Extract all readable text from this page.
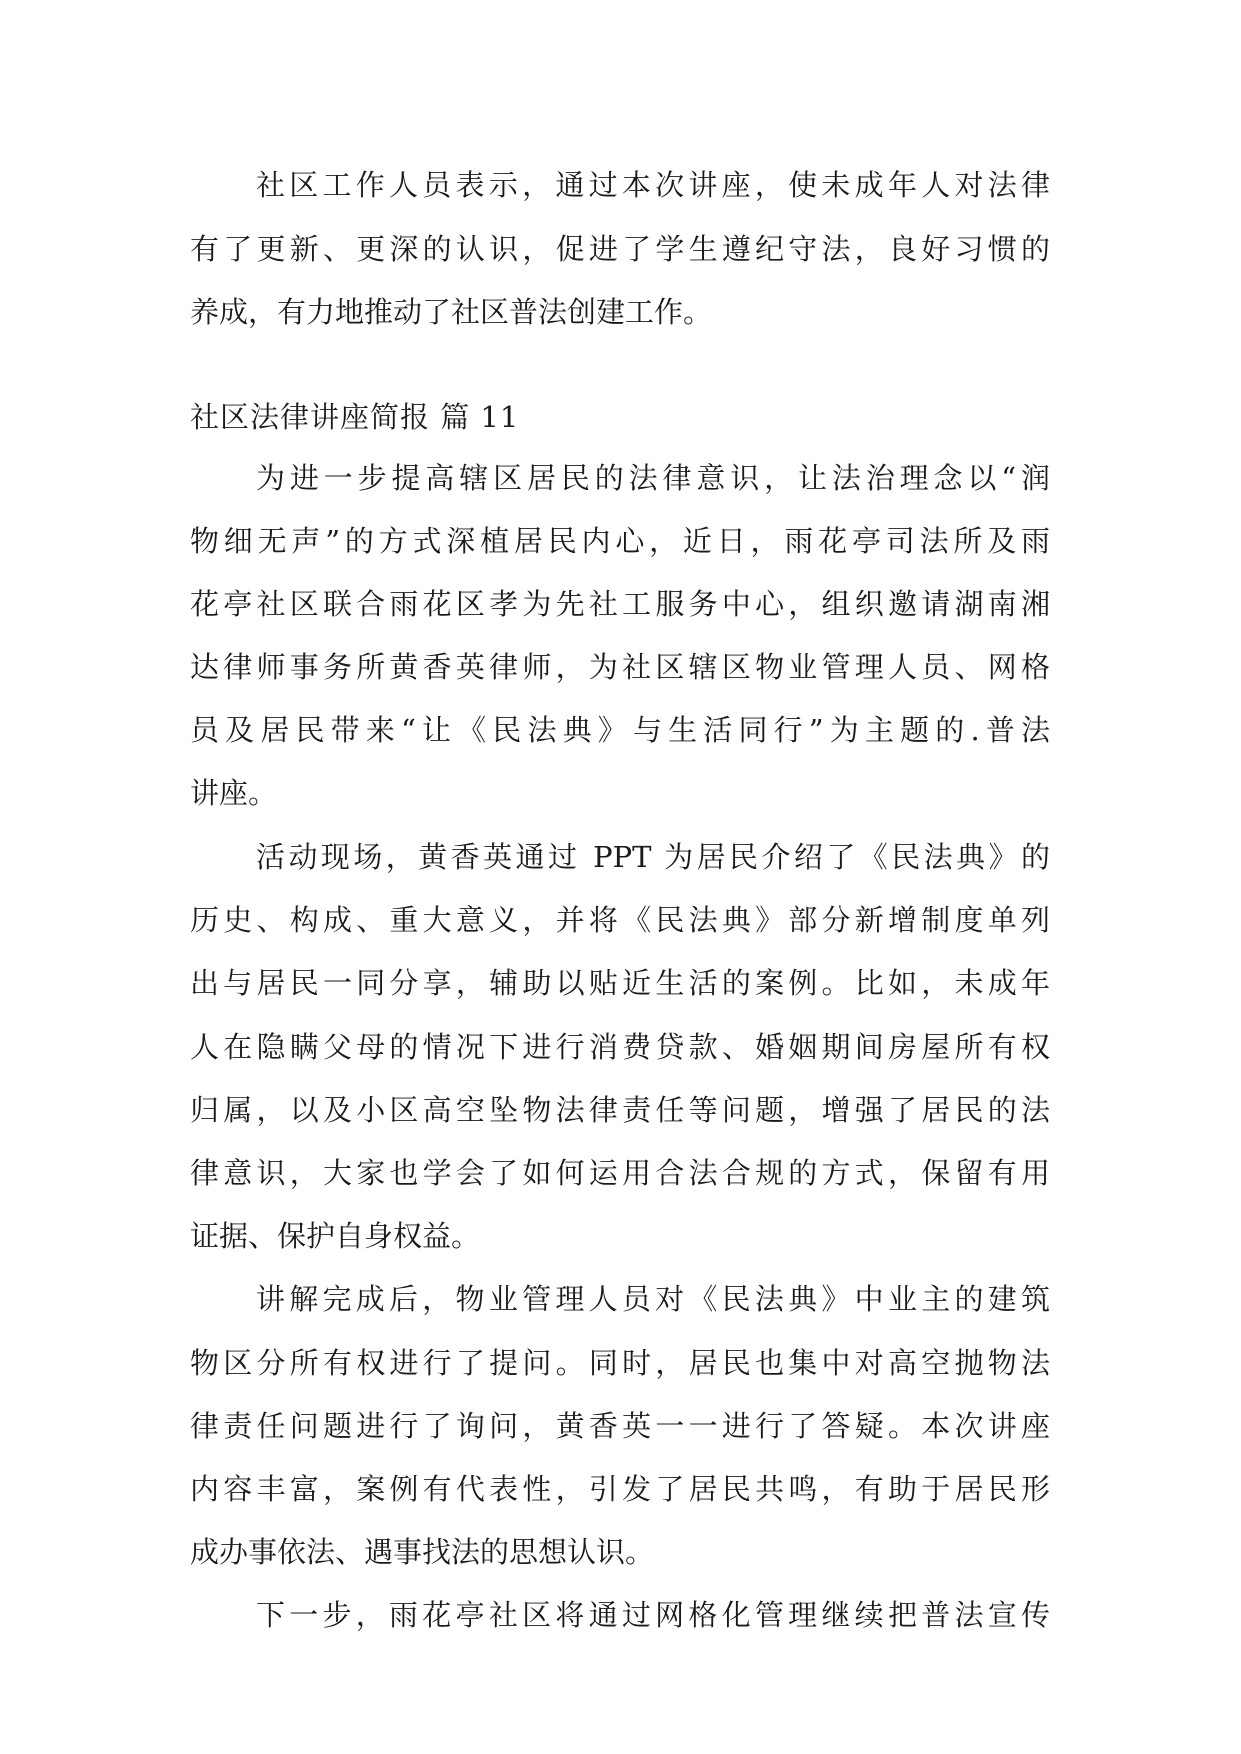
社区工作人员表示，通过本次讲座，使未成年人对法律
有了更新、更深的认识，促进了学生遵纪守法，良好习惯的
养成，有力地推动了社区普法创建工作。
社区法律讲座简报 篇 11
为进一步提高辖区居民的法律意识，让法治理念以“润
物细无声”的方式深植居民内心，近日，雨花亭司法所及雨
花亭社区联合雨花区孝为先社工服务中心，组织邀请湖南湘
达律师事务所黄香英律师，为社区辖区物业管理人员、网格
员及居民带来“让《民法典》与生活同行”为主题的.普法
讲座。
活动现场，黄香英通过 PPT 为居民介绍了《民法典》的
历史、构成、重大意义，并将《民法典》部分新增制度单列
出与居民一同分享，辅助以贴近生活的案例。比如，未成年
人在隐瞒父母的情况下进行消费贷款、婚姻期间房屋所有权
归属，以及小区高空坠物法律责任等问题，增强了居民的法
律意识，大家也学会了如何运用合法合规的方式，保留有用
证据、保护自身权益。
讲解完成后，物业管理人员对《民法典》中业主的建筑
物区分所有权进行了提问。同时，居民也集中对高空抛物法
律责任问题进行了询问，黄香英一一进行了答疑。本次讲座
内容丰富，案例有代表性，引发了居民共鸣，有助于居民形
成办事依法、遇事找法的思想认识。
下一步，雨花亭社区将通过网格化管理继续把普法宣传
